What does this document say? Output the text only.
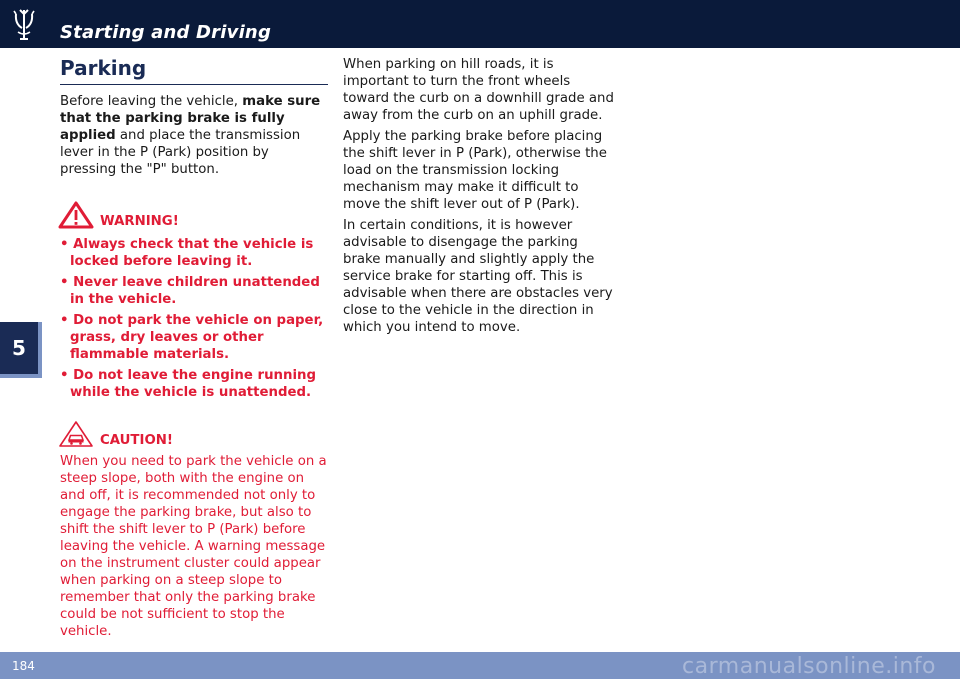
Starting and Driving
5
Parking

Before leaving the vehicle, make sure that the parking brake is fully applied and place the transmission lever in the P (Park) position by pressing the "P" button.

WARNING!
• Always check that the vehicle is locked before leaving it.
• Never leave children unattended in the vehicle.
• Do not park the vehicle on paper, grass, dry leaves or other flammable materials.
• Do not leave the engine running while the vehicle is unattended.
CAUTION!

When you need to park the vehicle on a steep slope, both with the engine on and off, it is recommended not only to engage the parking brake, but also to shift the shift lever to P (Park) before leaving the vehicle. A warning message on the instrument cluster could appear when parking on a steep slope to remember that only the parking brake could be not sufficient to stop the vehicle.

When parking on hill roads, it is important to turn the front wheels toward the curb on a downhill grade and away from the curb on an uphill grade.

Apply the parking brake before placing the shift lever in P (Park), otherwise the load on the transmission locking mechanism may make it difficult to move the shift lever out of P (Park).

In certain conditions, it is however advisable to disengage the parking brake manually and slightly apply the service brake for starting off. This is advisable when there are obstacles very close to the vehicle in the direction in which you intend to move.

184	carmanualsonline.info
